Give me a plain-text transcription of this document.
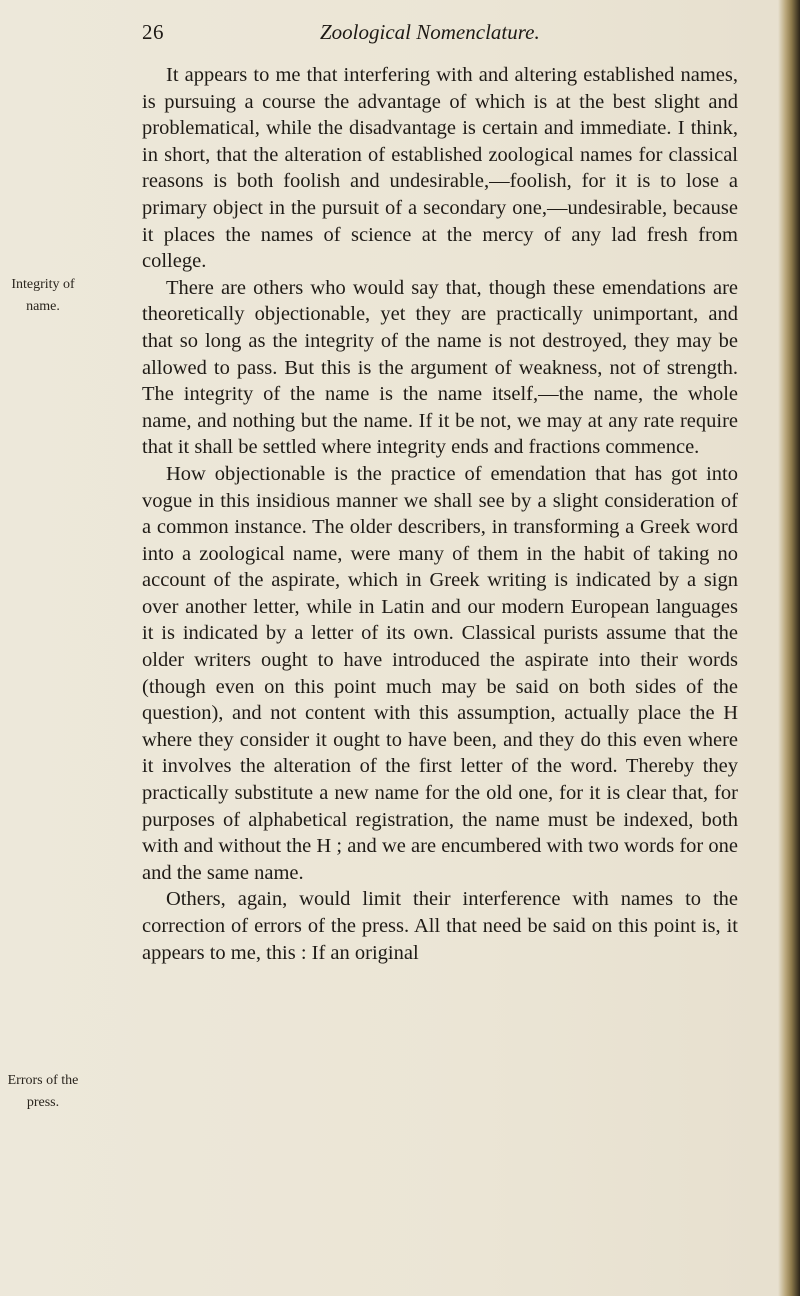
26	Zoological Nomenclature.
Integrity of name.
Errors of the press.

It appears to me that interfering with and altering established names, is pursuing a course the advantage of which is at the best slight and problematical, while the disadvantage is certain and immediate. I think, in short, that the alteration of established zoological names for classical reasons is both foolish and undesirable,—foolish, for it is to lose a primary object in the pursuit of a secondary one,—undesirable, because it places the names of science at the mercy of any lad fresh from college.

There are others who would say that, though these emendations are theoretically objectionable, yet they are practically unimportant, and that so long as the integrity of the name is not destroyed, they may be allowed to pass. But this is the argument of weakness, not of strength. The integrity of the name is the name itself,—the name, the whole name, and nothing but the name. If it be not, we may at any rate require that it shall be settled where integrity ends and fractions commence.

How objectionable is the practice of emendation that has got into vogue in this insidious manner we shall see by a slight consideration of a common instance. The older describers, in transforming a Greek word into a zoological name, were many of them in the habit of taking no account of the aspirate, which in Greek writing is indicated by a sign over another letter, while in Latin and our modern European languages it is indicated by a letter of its own. Classical purists assume that the older writers ought to have introduced the aspirate into their words (though even on this point much may be said on both sides of the question), and not content with this assumption, actually place the H where they consider it ought to have been, and they do this even where it involves the alteration of the first letter of the word. Thereby they practically substitute a new name for the old one, for it is clear that, for purposes of alphabetical registration, the name must be indexed, both with and without the H ; and we are encumbered with two words for one and the same name.

Others, again, would limit their interference with names to the correction of errors of the press. All that need be said on this point is, it appears to me, this : If an original
